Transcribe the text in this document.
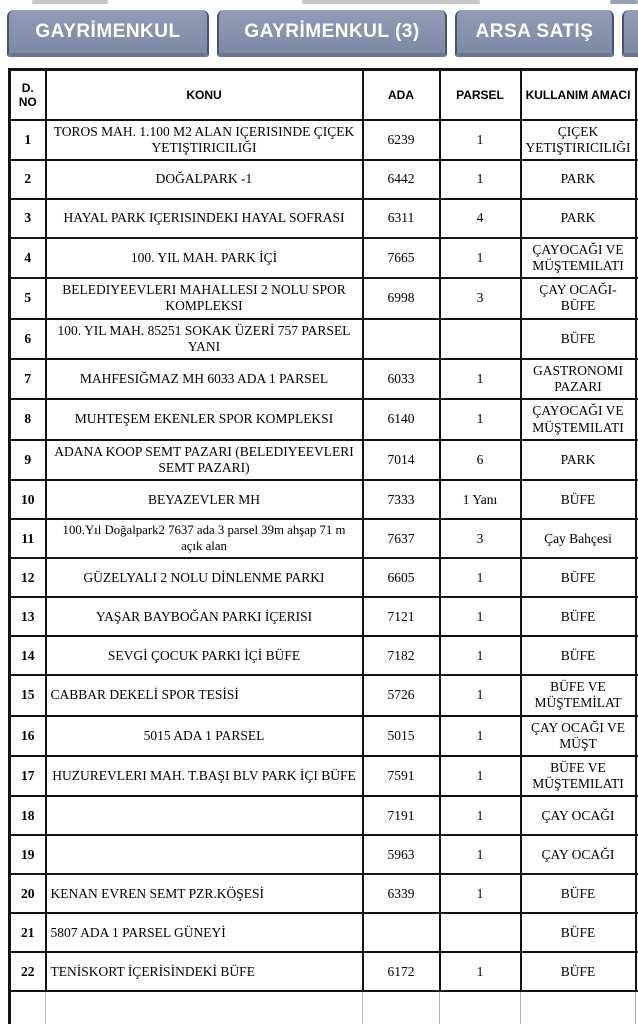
GAYRİMENKUL	GAYRİMENKUL (3)	ARSA SATIŞ
D. NO	KONU	ADA	PARSEL	KULLANIM AMACI	
1	TOROS MAH. 1.100 M2 ALAN IÇERISINDE ÇIÇEK YETIŞTIRICILIĞI	6239	1	ÇIÇEK YETIŞTIRICILIĞI	
2	DOĞALPARK -1	6442	1	PARK	
3	HAYAL PARK IÇERISINDEKI HAYAL SOFRASI	6311	4	PARK	
4	100. YIL MAH. PARK İÇİ	7665	1	ÇAYOCAĞI VE MÜŞTEMILATI	
5	BELEDIYEEVLERI MAHALLESI 2 NOLU SPOR KOMPLEKSI	6998	3	ÇAY OCAĞI-BÜFE	
6	100. YIL MAH. 85251 SOKAK ÜZERİ 757 PARSEL YANI			BÜFE	
7	MAHFESIĞMAZ MH 6033 ADA 1 PARSEL	6033	1	GASTRONOMI PAZARI	
8	MUHTEŞEM EKENLER SPOR KOMPLEKSI	6140	1	ÇAYOCAĞI VE MÜŞTEMILATI	
9	ADANA KOOP SEMT PAZARI (BELEDIYEEVLERI SEMT PAZARI)	7014	6	PARK	
10	BEYAZEVLER MH	7333	1 Yanı	BÜFE	
11	100.Yıl Doğalpark2 7637 ada 3 parsel 39m ahşap 71 m açık alan	7637	3	Çay Bahçesi	
12	GÜZELYALI 2 NOLU DİNLENME PARKI	6605	1	BÜFE	
13	YAŞAR BAYBOĞAN PARKI İÇERISI	7121	1	BÜFE	
14	SEVGİ ÇOCUK PARKI İÇİ BÜFE	7182	1	BÜFE	
15	CABBAR DEKELİ SPOR TESİSİ	5726	1	BÜFE VE MÜŞTEMİLAT	
16	5015 ADA 1 PARSEL	5015	1	ÇAY OCAĞI VE MÜŞT	
17	HUZUREVLERI MAH. T.BAŞI BLV PARK İÇI BÜFE	7591	1	BÜFE VE MÜŞTEMILATI	
18		7191	1	ÇAY OCAĞI	
19		5963	1	ÇAY OCAĞI	
20	KENAN EVREN SEMT PZR.KÖŞESİ	6339	1	BÜFE	
21	5807 ADA 1 PARSEL GÜNEYİ			BÜFE	
22	TENİSKORT İÇERİSİNDEKİ BÜFE	6172	1	BÜFE	
